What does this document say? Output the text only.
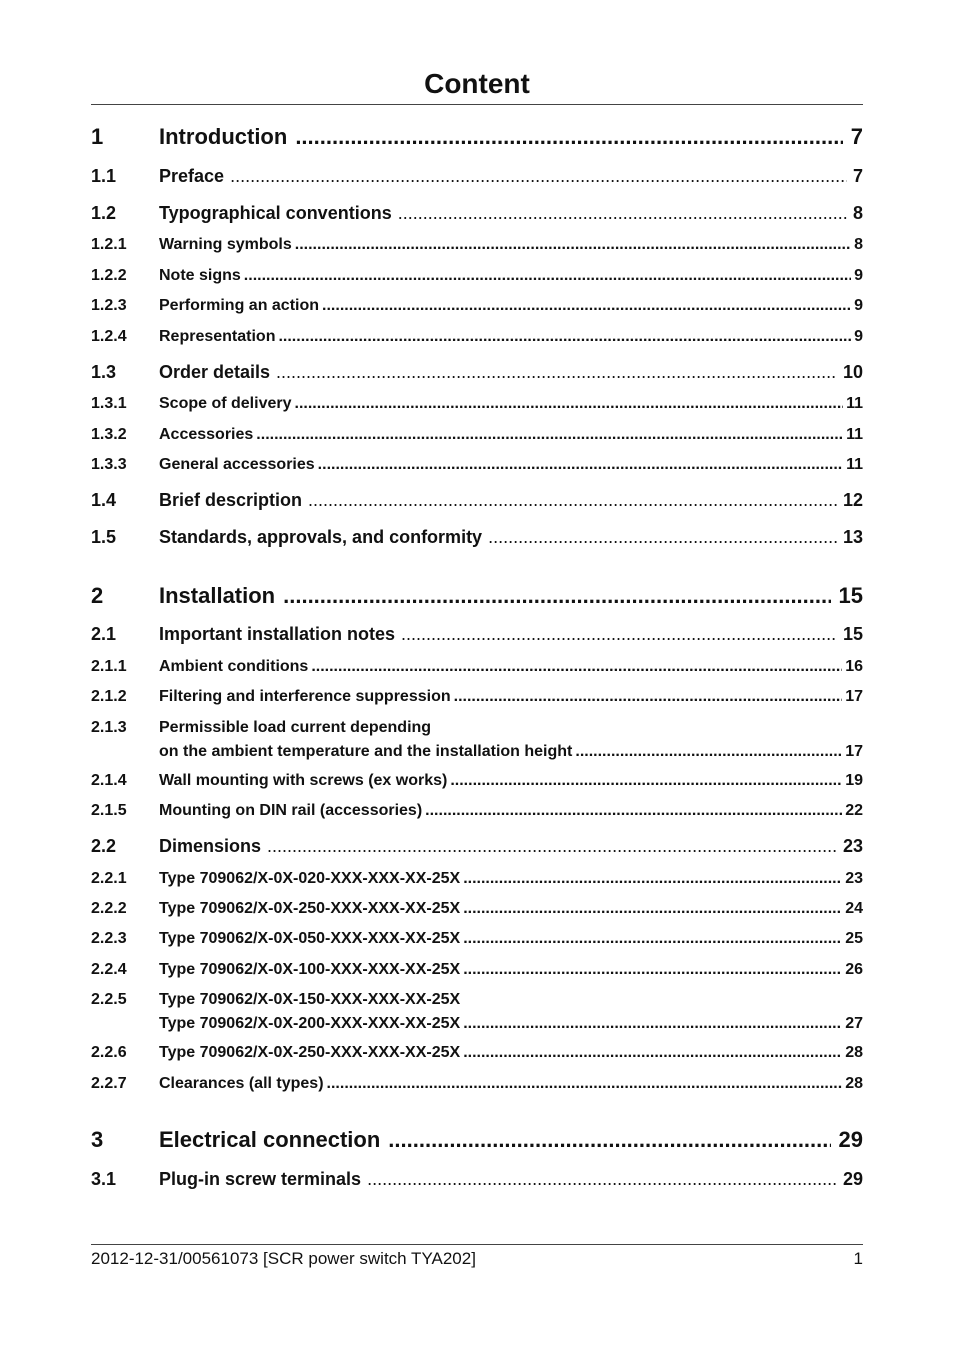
Content
1	Introduction .....	7
1.1 Preface .....	7
1.2 Typographical conventions .....	8
1.2.1 Warning symbols .....	8
1.2.2 Note signs .....	9
1.2.3 Performing an action .....	9
1.2.4 Representation .....	9
1.3 Order details .....	10
1.3.1 Scope of delivery .....	11
1.3.2 Accessories .....	11
1.3.3 General accessories .....	11
1.4 Brief description .....	12
1.5 Standards, approvals, and conformity .....	13
2	Installation .....	15
2.1 Important installation notes .....	15
2.1.1 Ambient conditions .....	16
2.1.2 Filtering and interference suppression .....	17
2.1.3 Permissible load current depending
on the ambient temperature and the installation height .....	17
2.1.4 Wall mounting with screws (ex works) .....	19
2.1.5 Mounting on DIN rail (accessories) .....	22
2.2 Dimensions .....	23
2.2.1 Type 709062/X-0X-020-XXX-XXX-XX-25X .....	23
2.2.2 Type 709062/X-0X-250-XXX-XXX-XX-25X .....	24
2.2.3 Type 709062/X-0X-050-XXX-XXX-XX-25X .....	25
2.2.4 Type 709062/X-0X-100-XXX-XXX-XX-25X .....	26
2.2.5 Type 709062/X-0X-150-XXX-XXX-XX-25X
Type 709062/X-0X-200-XXX-XXX-XX-25X .....	27
2.2.6 Type 709062/X-0X-250-XXX-XXX-XX-25X .....	28
2.2.7 Clearances (all types) .....	28
3	Electrical connection .....	29
3.1 Plug-in screw terminals .....	29
2012-12-31/00561073 [SCR power switch TYA202]	1
